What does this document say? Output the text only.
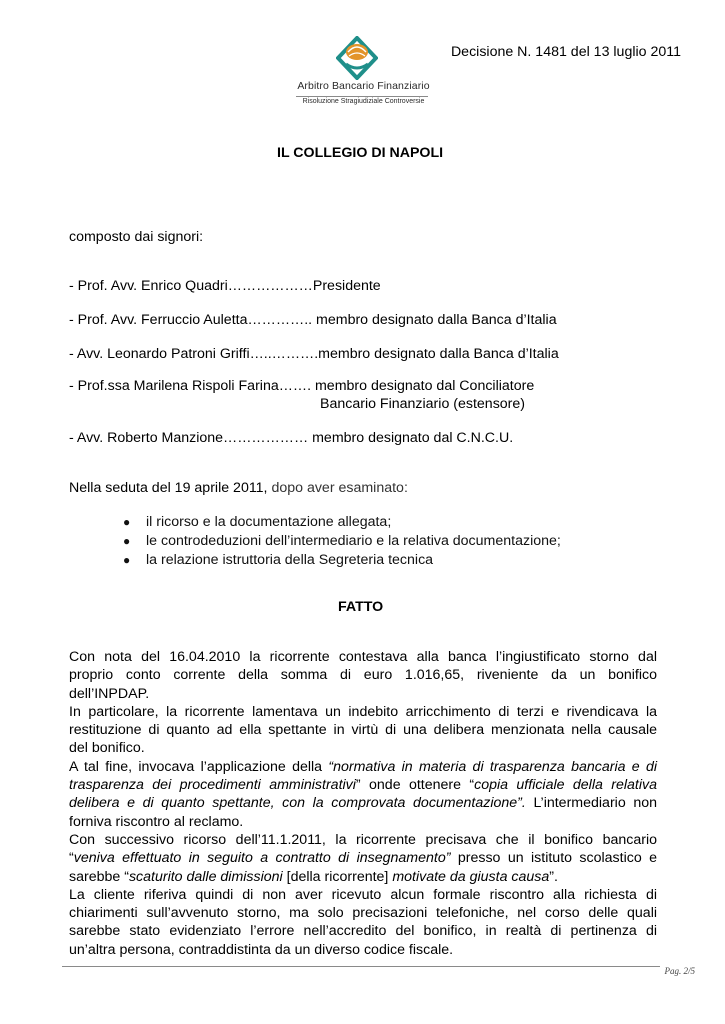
Arbitro Bancario Finanziario
Risoluzione Stragiudiziale Controversie
Decisione N. 1481 del 13 luglio 2011
IL COLLEGIO DI NAPOLI
composto dai signori:
- Prof. Avv. Enrico Quadri………………Presidente
- Prof. Avv. Ferruccio Auletta………….. membro designato dalla Banca d’Italia
- Avv. Leonardo Patroni Griffi…..……….membro designato dalla Banca d’Italia
- Prof.ssa Marilena Rispoli Farina……. membro designato dal Conciliatore
Bancario Finanziario (estensore)
- Avv. Roberto Manzione……………… membro designato dal C.N.C.U.
Nella seduta del 19 aprile 2011, dopo aver esaminato:
● il ricorso e la documentazione allegata;
● le controdeduzioni dell’intermediario e la relativa documentazione;
● la relazione istruttoria della Segreteria tecnica
FATTO
Con nota del 16.04.2010 la ricorrente contestava alla banca l’ingiustificato storno dal
proprio conto corrente della somma di euro 1.016,65, riveniente da un bonifico
dell’INPDAP.
In particolare, la ricorrente lamentava un indebito arricchimento di terzi e rivendicava la
restituzione di quanto ad ella spettante in virtù di una delibera menzionata nella causale
del bonifico.
A tal fine, invocava l’applicazione della “normativa in materia di trasparenza bancaria e di
trasparenza dei procedimenti amministrativi” onde ottenere “copia ufficiale della relativa
delibera e di quanto spettante, con la comprovata documentazione”. L’intermediario non
forniva riscontro al reclamo.
Con successivo ricorso dell’11.1.2011, la ricorrente precisava che il bonifico bancario
“veniva effettuato in seguito a contratto di insegnamento” presso un istituto scolastico e
sarebbe “scaturito dalle dimissioni [della ricorrente] motivate da giusta causa”.
La cliente riferiva quindi di non aver ricevuto alcun formale riscontro alla richiesta di
chiarimenti sull’avvenuto storno, ma solo precisazioni telefoniche, nel corso delle quali
sarebbe stato evidenziato l’errore nell’accredito del bonifico, in realtà di pertinenza di
un’altra persona, contraddistinta da un diverso codice fiscale.
Pag. 2/5
